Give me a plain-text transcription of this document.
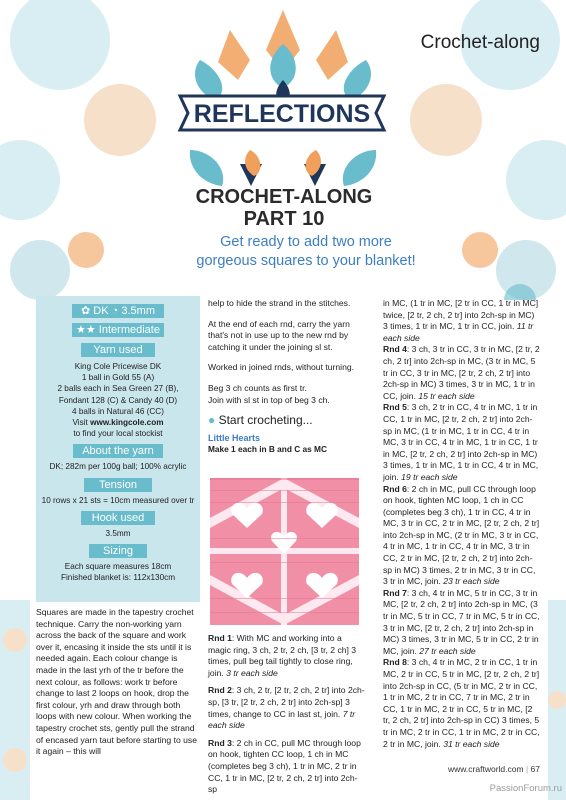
Crochet-along
REFLECTIONS
CROCHET-ALONG
PART 10
Get ready to add two more
gorgeous squares to your blanket!
✿ DK ◔ 3.5mm
★★ Intermediate
Yarn used
King Cole Pricewise DK
1 ball in Gold 55 (A)
2 balls each in Sea Green 27 (B),
Fondant 128 (C) & Candy 40 (D)
4 balls in Natural 46 (CC)
Visit www.kingcole.com
to find your local stockist
About the yarn
DK; 282m per 100g ball; 100% acrylic
Tension
10 rows x 21 sts = 10cm measured over tr
Hook used
3.5mm
Sizing
Each square measures 18cm
Finished blanket is: 112x130cm

Squares are made in the tapestry crochet technique. Carry the non-working yarn across the back of the square and work over it, encasing it inside the sts until it is needed again. Each colour change is made in the last yrh of the tr before the next colour, as follows: work tr before change to last 2 loops on hook, drop the first colour, yrh and draw through both loops with new colour. When working the tapestry crochet sts, gently pull the strand of encased yarn taut before starting to use it again – this will

help to hide the strand in the stitches.

At the end of each rnd, carry the yarn that's not in use up to the new rnd by catching it under the joining sl st.

Worked in joined rnds, without turning.

Beg 3 ch counts as first tr.

Join with sl st in top of beg 3 ch.

● Start crocheting...
Little Hearts
Make 1 each in B and C as MC

Rnd 1: With MC and working into a magic ring, 3 ch, 2 tr, 2 ch, [3 tr, 2 ch] 3 times, pull beg tail tightly to close ring, join. 3 tr each side

Rnd 2: 3 ch, 2 tr, [2 tr, 2 ch, 2 tr] into 2ch-sp, [3 tr, [2 tr, 2 ch, 2 tr] into 2ch-sp] 3 times, change to CC in last st, join. 7 tr each side

Rnd 3: 2 ch in CC, pull MC through loop on hook, tighten CC loop, 1 ch in MC (completes beg 3 ch), 1 tr in MC, 2 tr in CC, 1 tr in MC, [2 tr, 2 ch, 2 tr] into 2ch-sp

in MC, (1 tr in MC, [2 tr in CC, 1 tr in MC] twice, [2 tr, 2 ch, 2 tr] into 2ch-sp in MC) 3 times, 1 tr in MC, 1 tr in CC, join. 11 tr each side

Rnd 4: 3 ch, 3 tr in CC, 3 tr in MC, [2 tr, 2 ch, 2 tr] into 2ch-sp in MC, (3 tr in MC, 5 tr in CC, 3 tr in MC, [2 tr, 2 ch, 2 tr] into 2ch-sp in MC) 3 times, 3 tr in MC, 1 tr in CC, join. 15 tr each side

Rnd 5: 3 ch, 2 tr in CC, 4 tr in MC, 1 tr in CC, 1 tr in MC, [2 tr, 2 ch, 2 tr] into 2ch-sp in MC, (1 tr in MC, 1 tr in CC, 4 tr in MC, 3 tr in CC, 4 tr in MC, 1 tr in CC, 1 tr in MC, [2 tr, 2 ch, 2 tr] into 2ch-sp in MC) 3 times, 1 tr in MC, 1 tr in CC, 4 tr in MC, join. 19 tr each side

Rnd 6: 2 ch in MC, pull CC through loop on hook, tighten MC loop, 1 ch in CC (completes beg 3 ch), 1 tr in CC, 4 tr in MC, 3 tr in CC, 2 tr in MC, [2 tr, 2 ch, 2 tr] into 2ch-sp in MC, (2 tr in MC, 3 tr in CC, 4 tr in MC, 1 tr in CC, 4 tr in MC, 3 tr in CC, 2 tr in MC, [2 tr, 2 ch, 2 tr] into 2ch-sp in MC) 3 times, 2 tr in MC, 3 tr in CC, 3 tr in MC, join. 23 tr each side

Rnd 7: 3 ch, 4 tr in MC, 5 tr in CC, 3 tr in MC, [2 tr, 2 ch, 2 tr] into 2ch-sp in MC, (3 tr in MC, 5 tr in CC, 7 tr in MC, 5 tr in CC, 3 tr in MC, [2 tr, 2 ch, 2 tr] into 2ch-sp in MC) 3 times, 3 tr in MC, 5 tr in CC, 2 tr in MC, join. 27 tr each side

Rnd 8: 3 ch, 4 tr in MC, 2 tr in CC, 1 tr in MC, 2 tr in CC, 5 tr in MC, [2 tr, 2 ch, 2 tr] into 2ch-sp in CC, (5 tr in MC, 2 tr in CC, 1 tr in MC, 2 tr in CC, 7 tr in MC, 2 tr in CC, 1 tr in MC, 2 tr in CC, 5 tr in MC, [2 tr, 2 ch, 2 tr] into 2ch-sp in CC) 3 times, 5 tr in MC, 2 tr in CC, 1 tr in MC, 2 tr in CC, 2 tr in MC, join. 31 tr each side

www.craftworld.com | 67
PassionForum.ru
